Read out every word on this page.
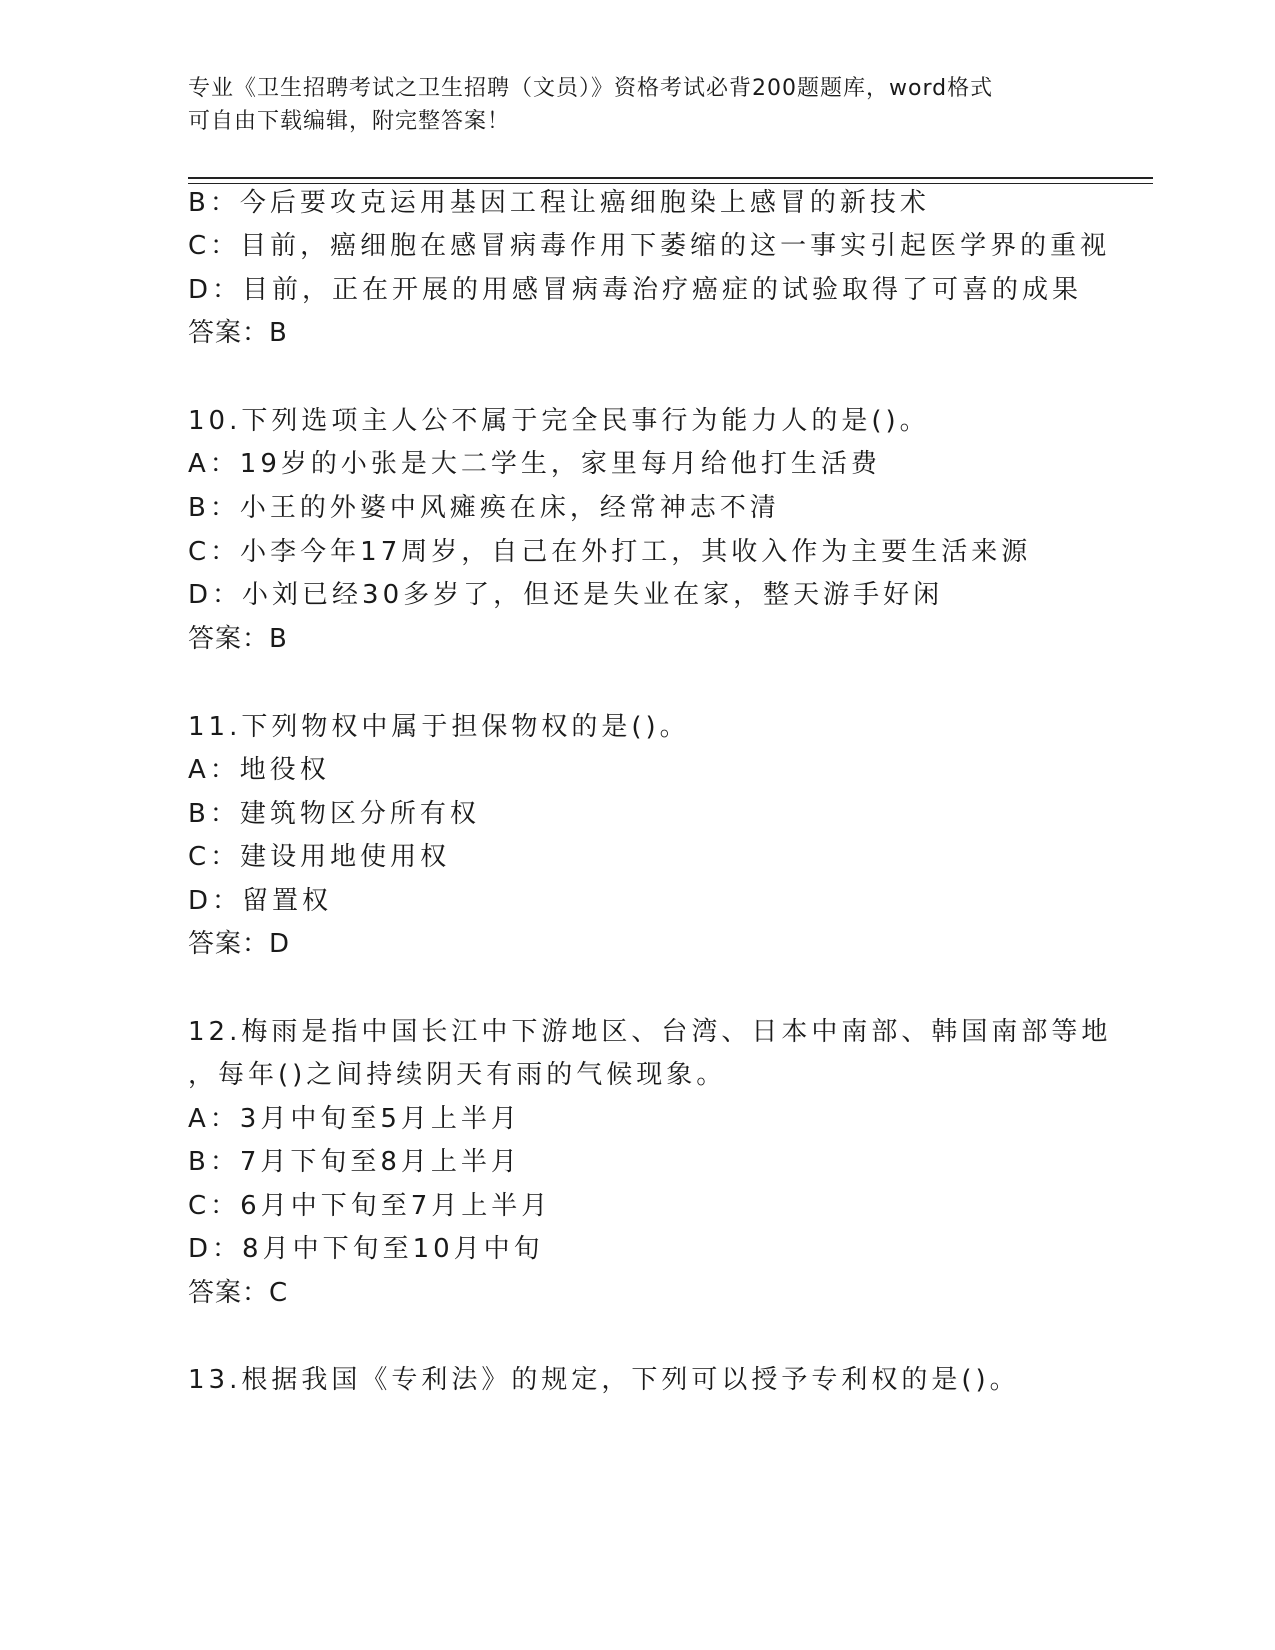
专业《卫生招聘考试之卫生招聘（文员）》资格考试必背200题题库，word格式
可自由下载编辑，附完整答案！
B：今后要攻克运用基因工程让癌细胞染上感冒的新技术
C：目前，癌细胞在感冒病毒作用下萎缩的这一事实引起医学界的重视
D：目前，正在开展的用感冒病毒治疗癌症的试验取得了可喜的成果
答案：B
10.下列选项主人公不属于完全民事行为能力人的是()。
A：19岁的小张是大二学生，家里每月给他打生活费
B：小王的外婆中风瘫痪在床，经常神志不清
C：小李今年17周岁，自己在外打工，其收入作为主要生活来源
D：小刘已经30多岁了，但还是失业在家，整天游手好闲
答案：B
11.下列物权中属于担保物权的是()。
A：地役权
B：建筑物区分所有权
C：建设用地使用权
D：留置权
答案：D
12.梅雨是指中国长江中下游地区、台湾、日本中南部、韩国南部等地
，每年()之间持续阴天有雨的气候现象。
A：3月中旬至5月上半月
B：7月下旬至8月上半月
C：6月中下旬至7月上半月
D：8月中下旬至10月中旬
答案：C
13.根据我国《专利法》的规定，下列可以授予专利权的是()。
